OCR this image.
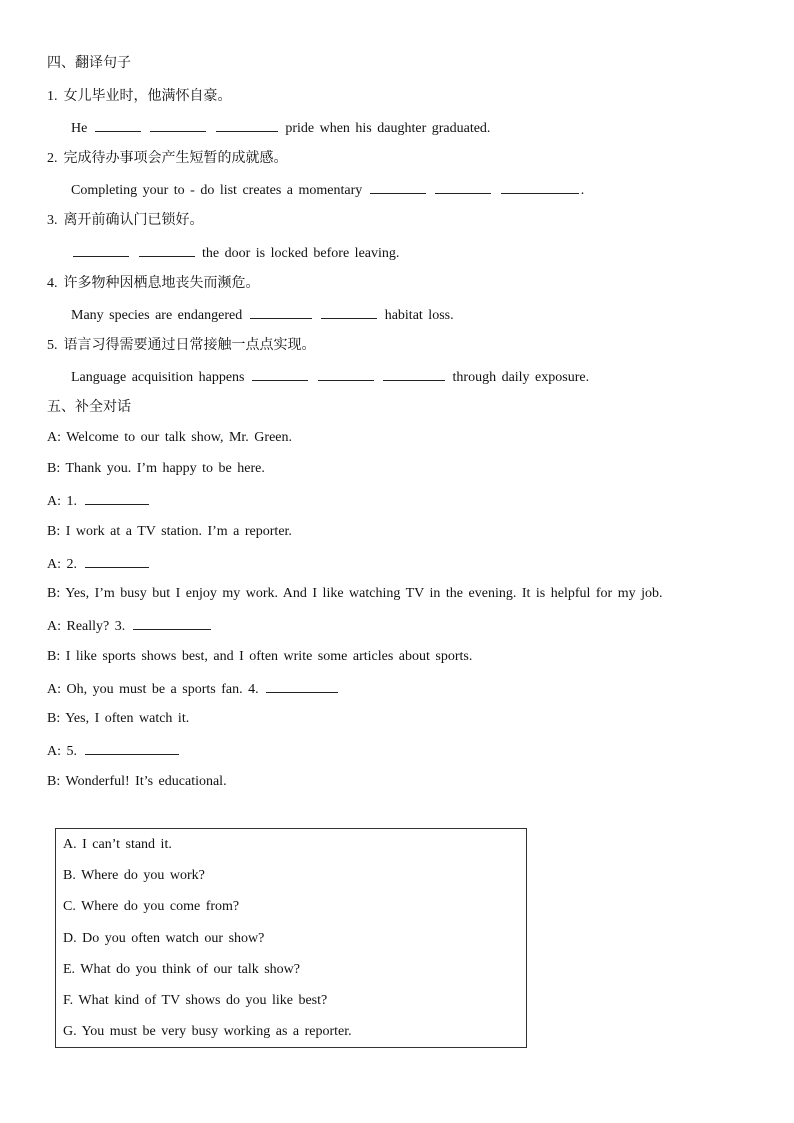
四、翻译句子
1. 女儿毕业时，他满怀自豪。
He	pride when his daughter graduated.
2. 完成待办事项会产生短暂的成就感。
Completing your to - do list creates a momentary	.
3. 离开前确认门已锁好。
the door is locked before leaving.
4. 许多物种因栖息地丧失而濒危。
Many species are endangered	habitat loss.
5. 语言习得需要通过日常接触一点点实现。
Language acquisition happens	through daily exposure.
五、补全对话
A: Welcome to our talk show, Mr. Green.
B: Thank you. I’m happy to be here.
A: 1.
B: I work at a TV station. I’m a reporter.
A: 2.
B: Yes, I’m busy but I enjoy my work. And I like watching TV in the evening. It is helpful for my job.
A: Really? 3.
B: I like sports shows best, and I often write some articles about sports.
A: Oh, you must be a sports fan. 4.
B: Yes, I often watch it.
A: 5.
B: Wonderful! It’s educational.
A. I can’t stand it.
B. Where do you work?
C. Where do you come from?
D. Do you often watch our show?
E. What do you think of our talk show?
F. What kind of TV shows do you like best?
G. You must be very busy working as a reporter.
